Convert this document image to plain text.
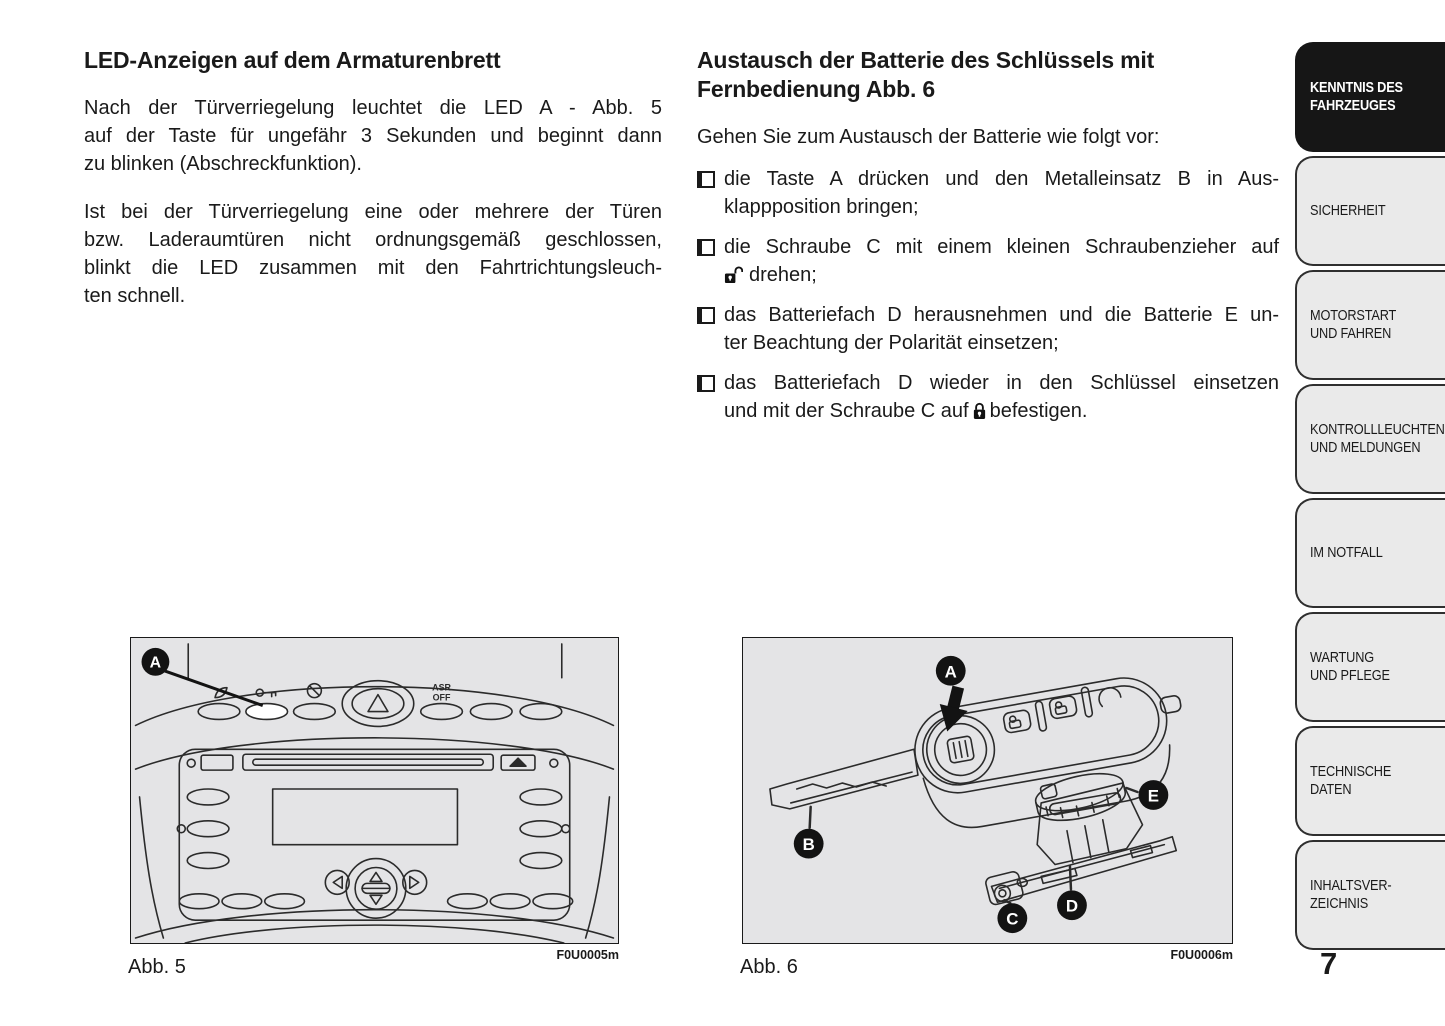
LED-Anzeigen auf dem Armaturenbrett
Nach der Türverriegelung leuchtet die LED A - Abb. 5
auf der Taste für ungefähr 3 Sekunden und beginnt dann
zu blinken (Abschreckfunktion).
Ist bei der Türverriegelung eine oder mehrere der Türen
bzw. Laderaumtüren nicht ordnungsgemäß geschlossen,
blinkt die LED zusammen mit den Fahrtrichtungsleuch-
ten schnell.
Austausch der Batterie des Schlüssels mit
Fernbedienung Abb. 6
Gehen Sie zum Austausch der Batterie wie folgt vor:
die Taste A drücken und den Metalleinsatz B in Aus-
klappposition bringen;
die Schraube C mit einem kleinen Schraubenzieher auf
drehen;
das Batteriefach D herausnehmen und die Batterie E un-
ter Beachtung der Polarität einsetzen;
das Batteriefach D wieder in den Schlüssel einsetzen
und mit der Schraube C auf befestigen.
KENNTNIS DES
FAHRZEUGES
SICHERHEIT
MOTORSTART
UND FAHREN
KONTROLLLEUCHTEN
UND MELDUNGEN
IM NOTFALL
WARTUNG
UND PFLEGE
TECHNISCHE
DATEN
INHALTSVER-
ZEICHNIS
ASR
OFF
A
F0U0005m
Abb. 5
A
B
C
D
E
F0U0006m
Abb. 6	7
